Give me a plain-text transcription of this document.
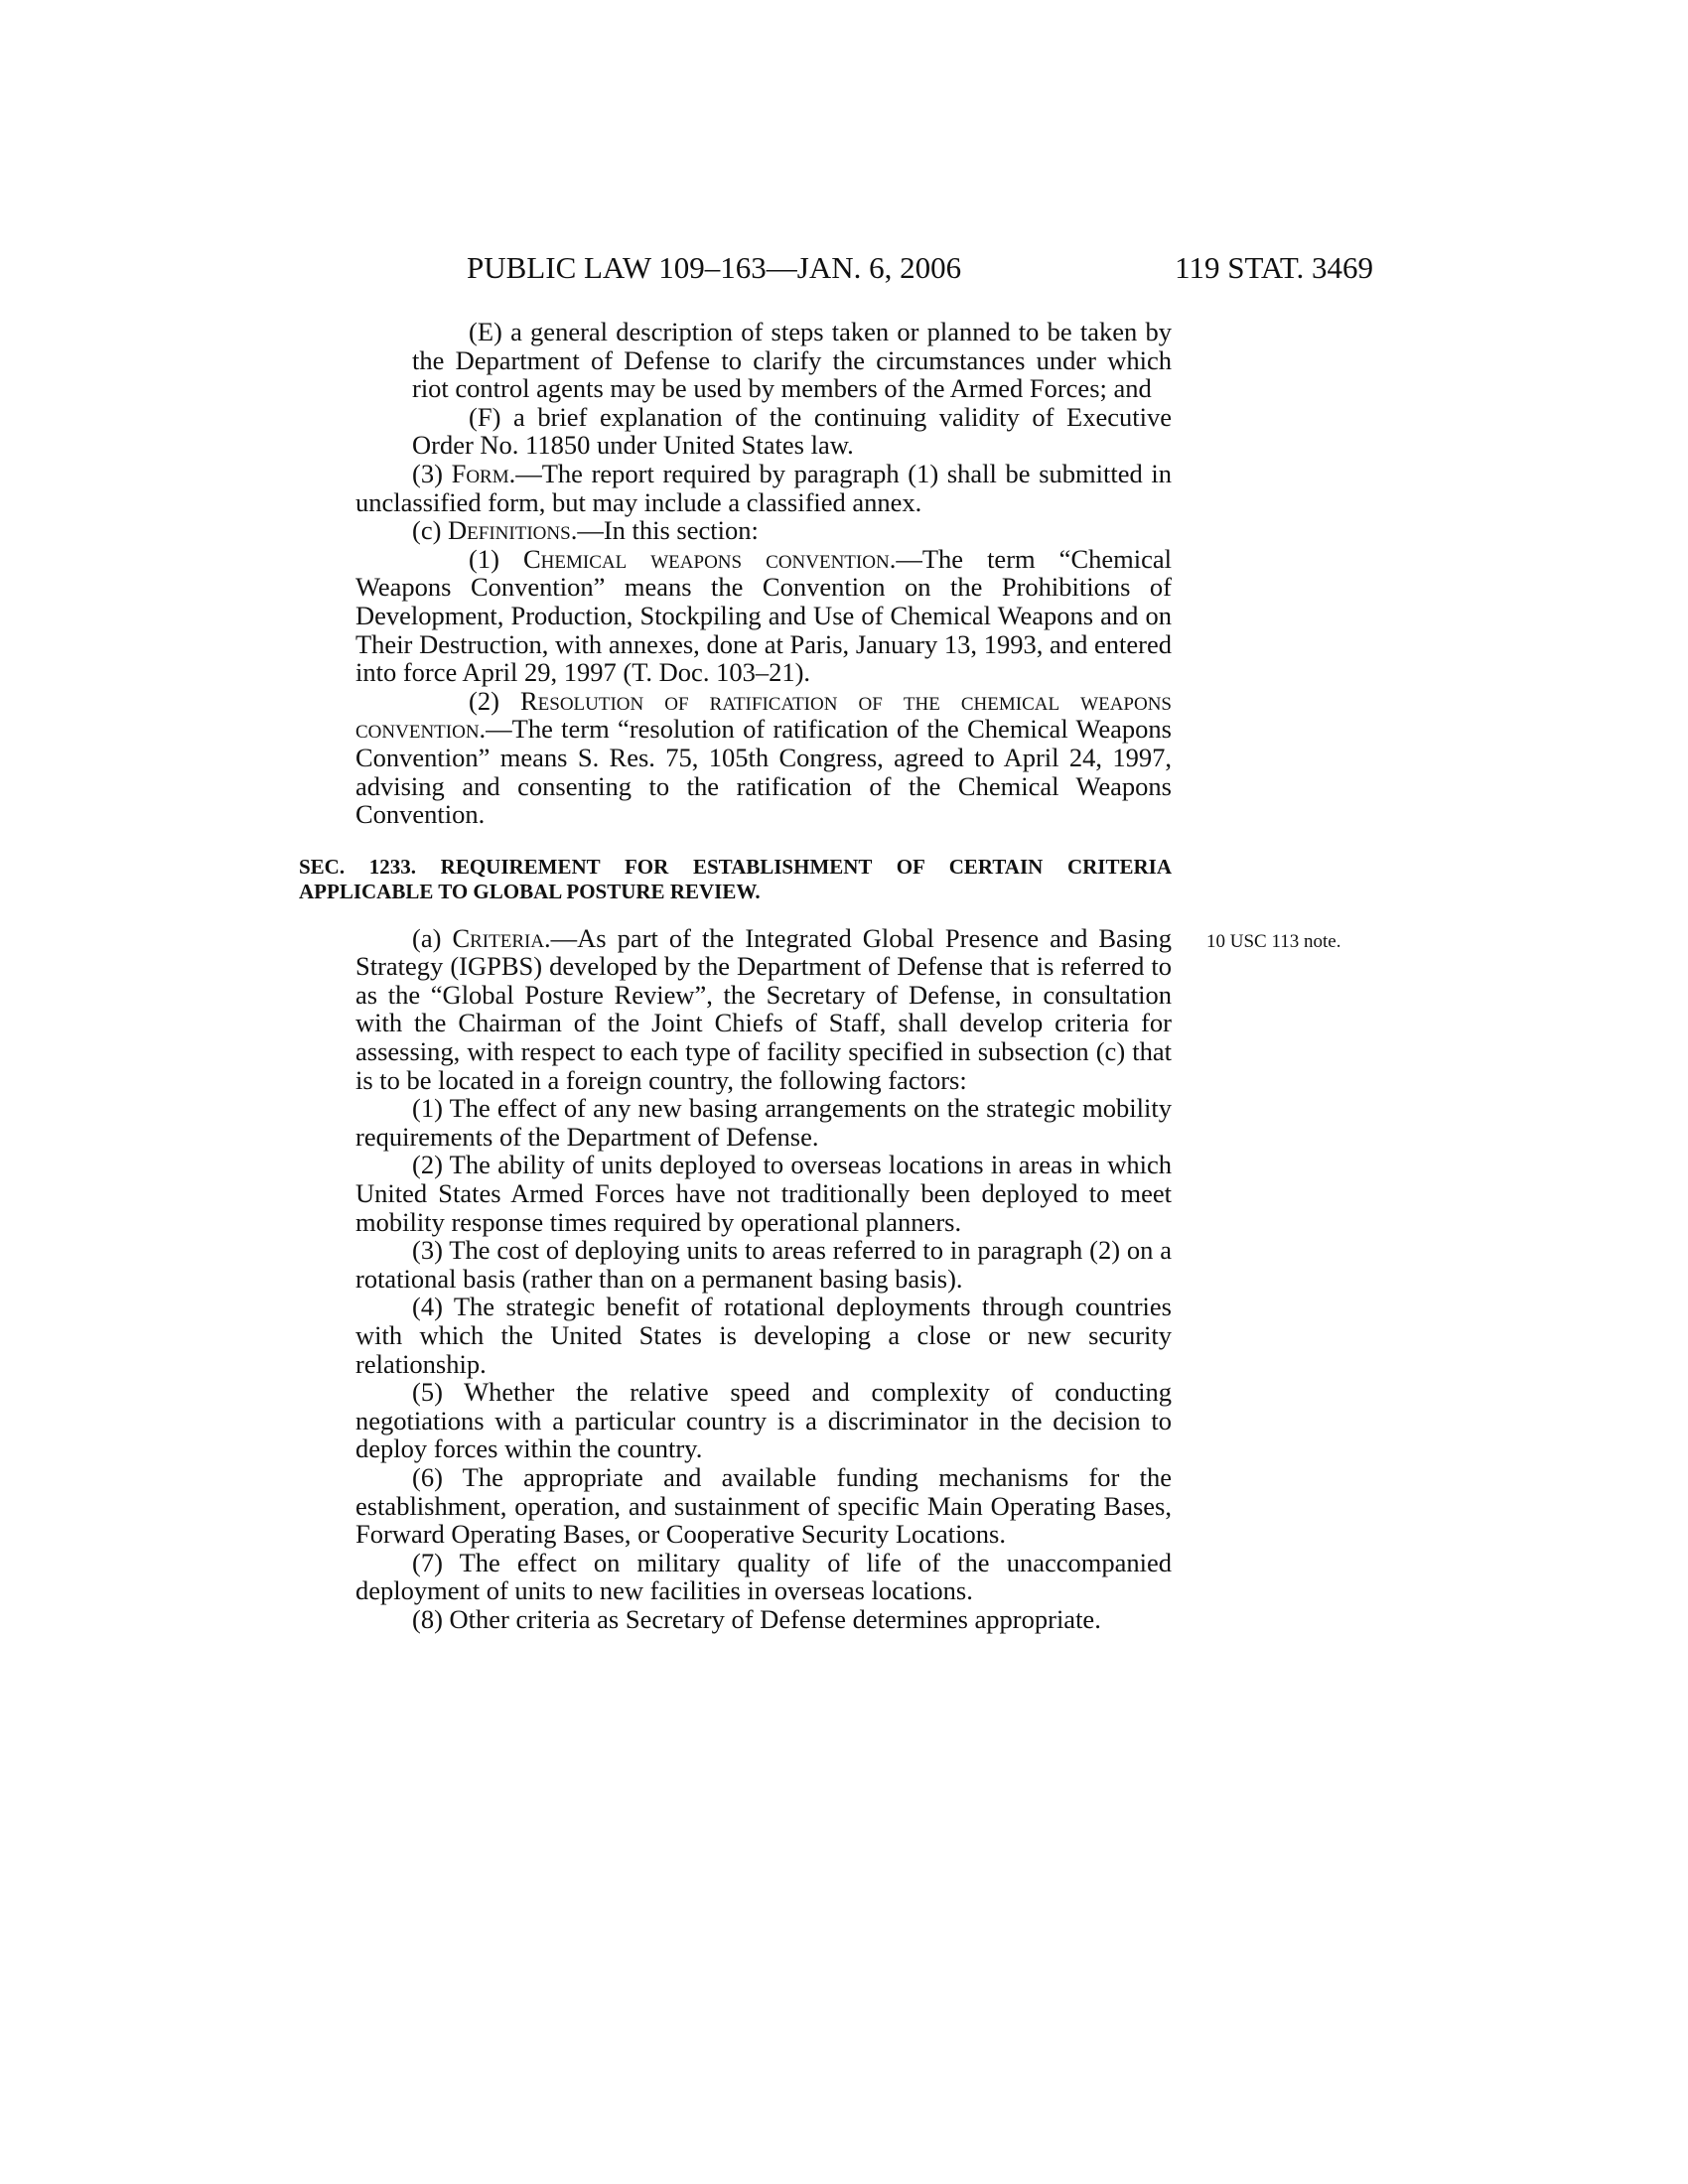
PUBLIC LAW 109–163—JAN. 6, 2006	119 STAT. 3469
10 USC 113 note.

(E) a general description of steps taken or planned to be taken by the Department of Defense to clarify the circumstances under which riot control agents may be used by members of the Armed Forces; and

(F) a brief explanation of the continuing validity of Executive Order No. 11850 under United States law.

(3) Form.—The report required by paragraph (1) shall be submitted in unclassified form, but may include a classified annex.

(c) Definitions.—In this section:

(1) Chemical weapons convention.—The term “Chemical Weapons Convention” means the Convention on the Prohibitions of Development, Production, Stockpiling and Use of Chemical Weapons and on Their Destruction, with annexes, done at Paris, January 13, 1993, and entered into force April 29, 1997 (T. Doc. 103–21).

(2) Resolution of ratification of the chemical weapons convention.—The term “resolution of ratification of the Chemical Weapons Convention” means S. Res. 75, 105th Congress, agreed to April 24, 1997, advising and consenting to the ratification of the Chemical Weapons Convention.

SEC. 1233. REQUIREMENT FOR ESTABLISHMENT OF CERTAIN CRITERIA APPLICABLE TO GLOBAL POSTURE REVIEW.

(a) Criteria.—As part of the Integrated Global Presence and Basing Strategy (IGPBS) developed by the Department of Defense that is referred to as the “Global Posture Review”, the Secretary of Defense, in consultation with the Chairman of the Joint Chiefs of Staff, shall develop criteria for assessing, with respect to each type of facility specified in subsection (c) that is to be located in a foreign country, the following factors:

(1) The effect of any new basing arrangements on the strategic mobility requirements of the Department of Defense.

(2) The ability of units deployed to overseas locations in areas in which United States Armed Forces have not traditionally been deployed to meet mobility response times required by operational planners.

(3) The cost of deploying units to areas referred to in paragraph (2) on a rotational basis (rather than on a permanent basing basis).

(4) The strategic benefit of rotational deployments through countries with which the United States is developing a close or new security relationship.

(5) Whether the relative speed and complexity of conducting negotiations with a particular country is a discriminator in the decision to deploy forces within the country.

(6) The appropriate and available funding mechanisms for the establishment, operation, and sustainment of specific Main Operating Bases, Forward Operating Bases, or Cooperative Security Locations.

(7) The effect on military quality of life of the unaccompanied deployment of units to new facilities in overseas locations.

(8) Other criteria as Secretary of Defense determines appropriate.
